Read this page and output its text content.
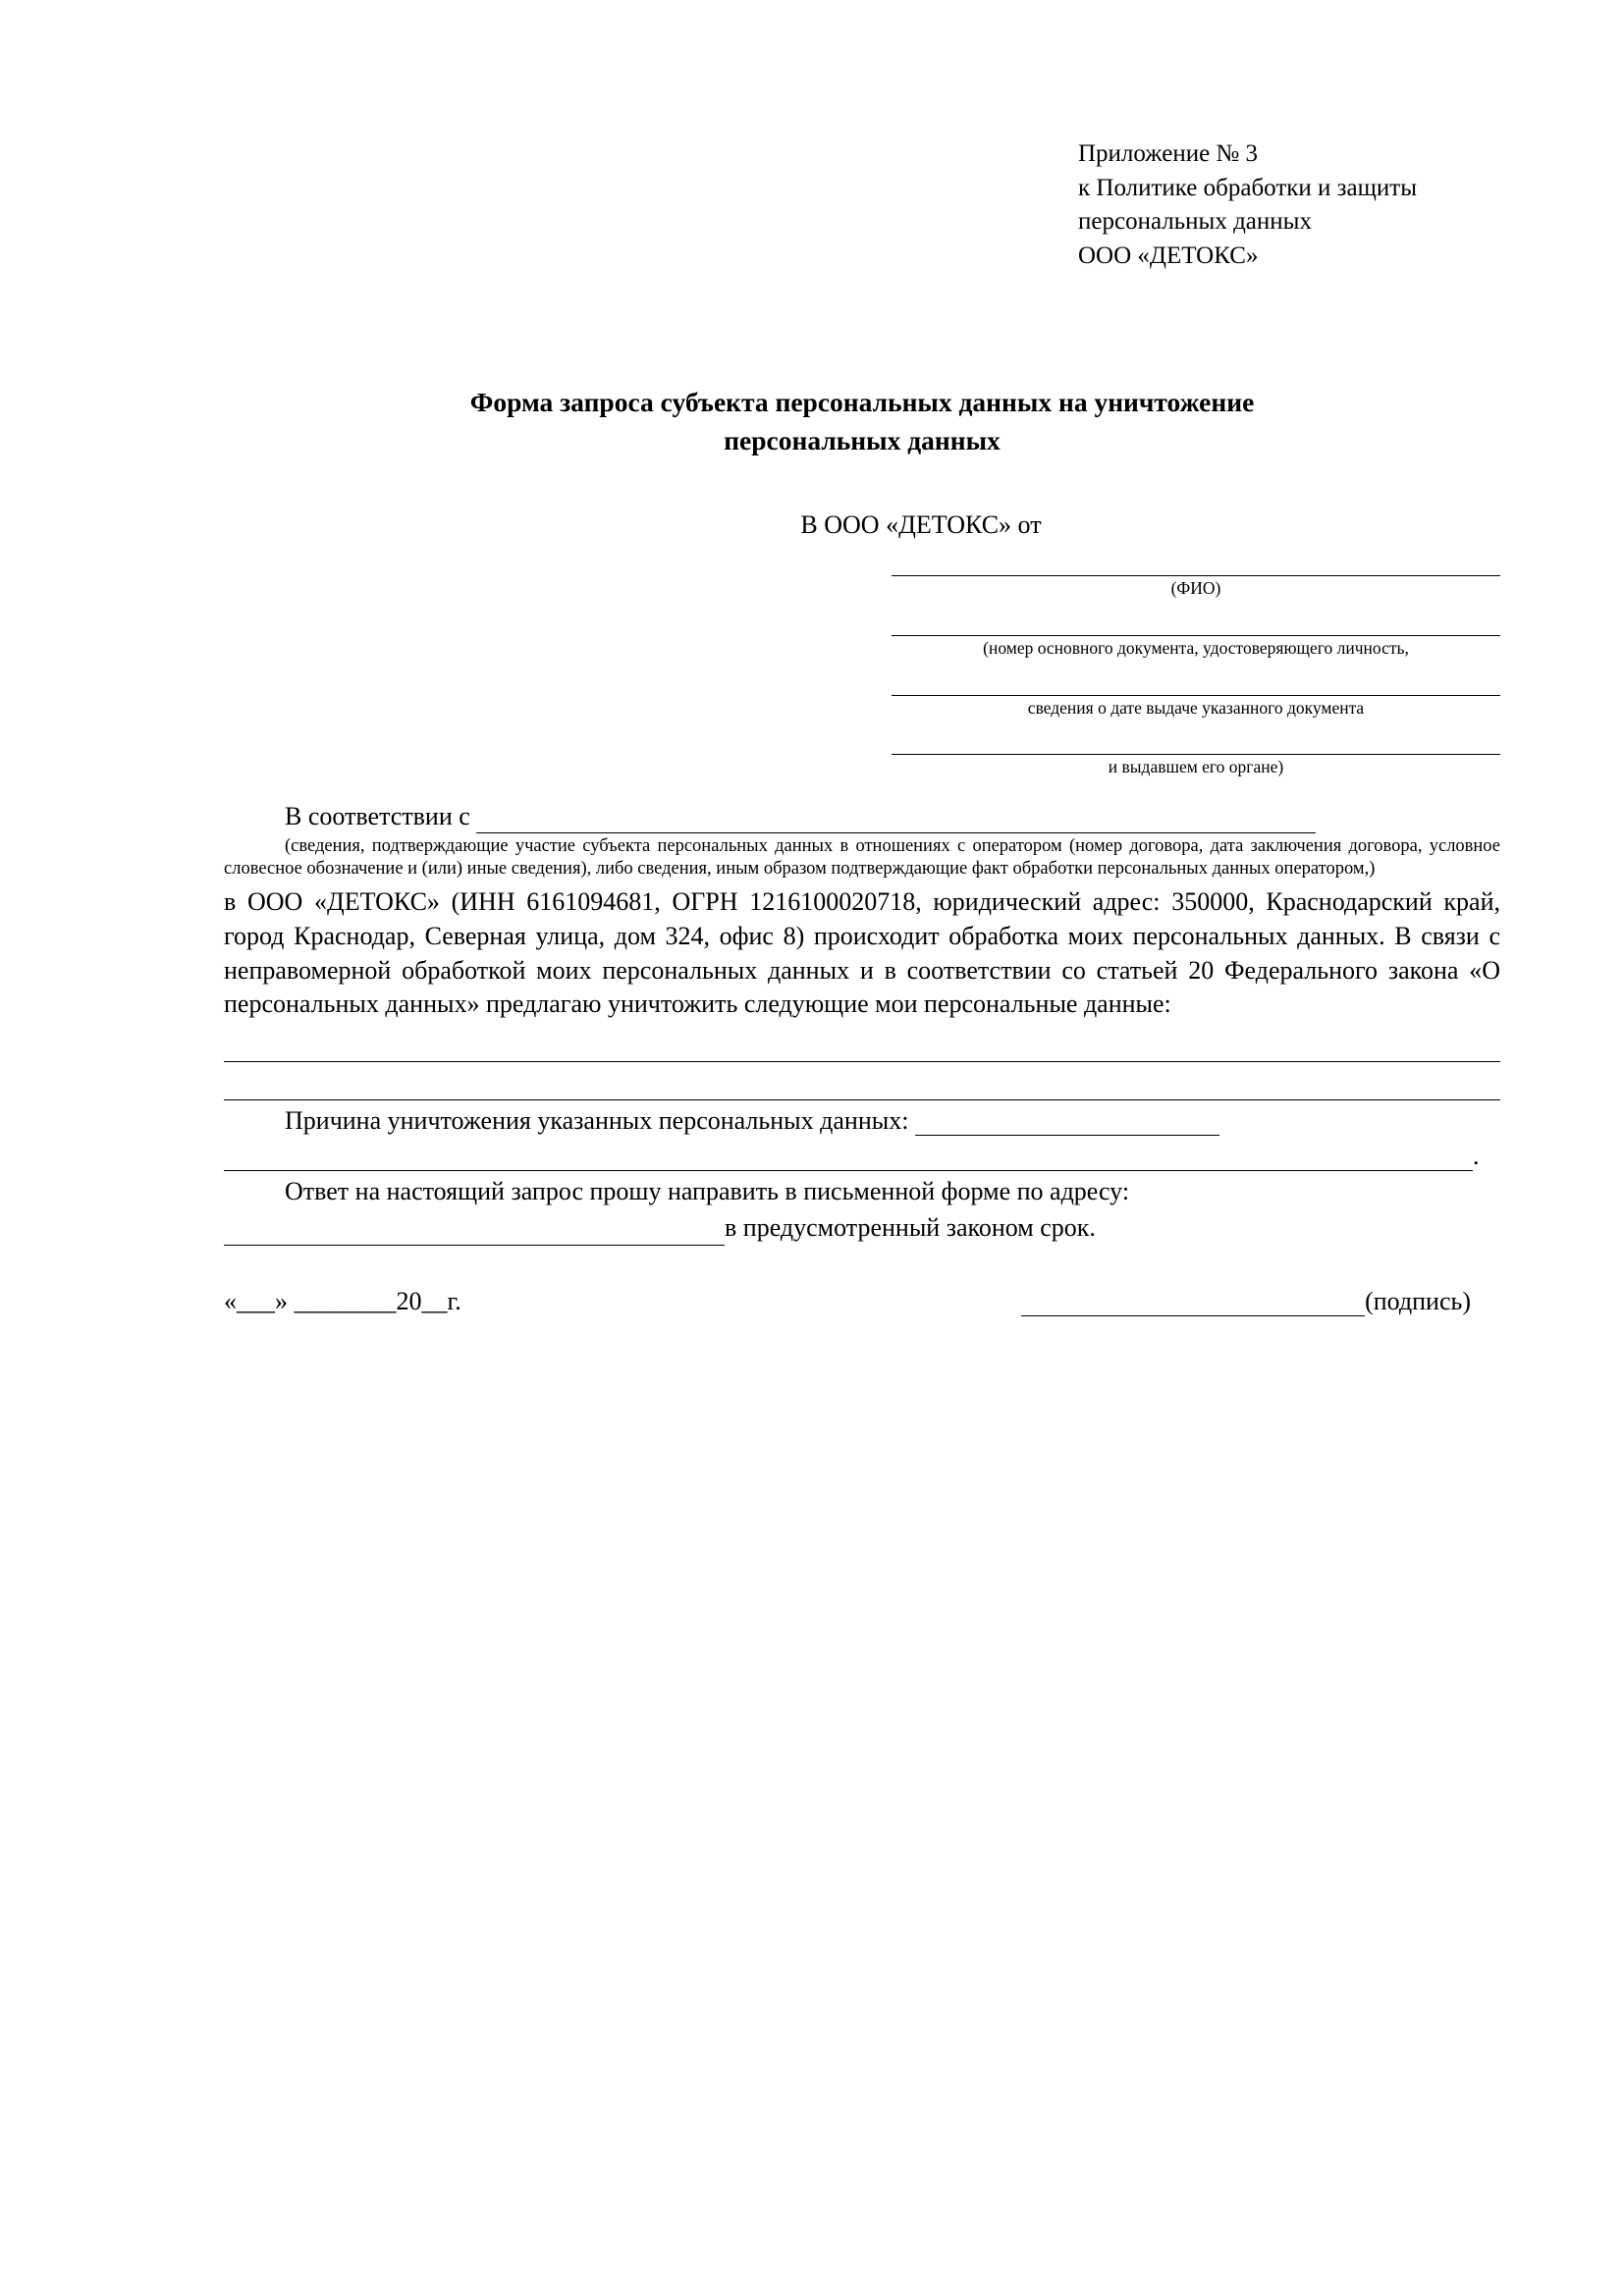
Приложение № 3
к Политике обработки и защиты
персональных данных
ООО «ДЕТОКС»
Форма запроса субъекта персональных данных на уничтожение
персональных данных
В ООО «ДЕТОКС» от
(ФИО)
(номер основного документа, удостоверяющего личность,
сведения о дате выдаче указанного документа
и выдавшем его органе)
В соответствии с
(сведения, подтверждающие участие субъекта персональных данных в отношениях с оператором (номер договора, дата заключения договора, условное словесное обозначение и (или) иные сведения), либо сведения, иным образом подтверждающие факт обработки персональных данных оператором,)
в ООО «ДЕТОКС» (ИНН 6161094681, ОГРН 1216100020718, юридический адрес: 350000, Краснодарский край, город Краснодар, Северная улица, дом 324, офис 8) происходит обработка моих персональных данных. В связи с неправомерной обработкой моих персональных данных и в соответствии со статьей 20 Федерального закона «О персональных данных» предлагаю уничтожить следующие мои персональные данные:
Причина уничтожения указанных персональных данных:
.
Ответ на настоящий запрос прошу направить в письменной форме по адресу:
в предусмотренный законом срок.
«___» ________20__г.	(подпись)
